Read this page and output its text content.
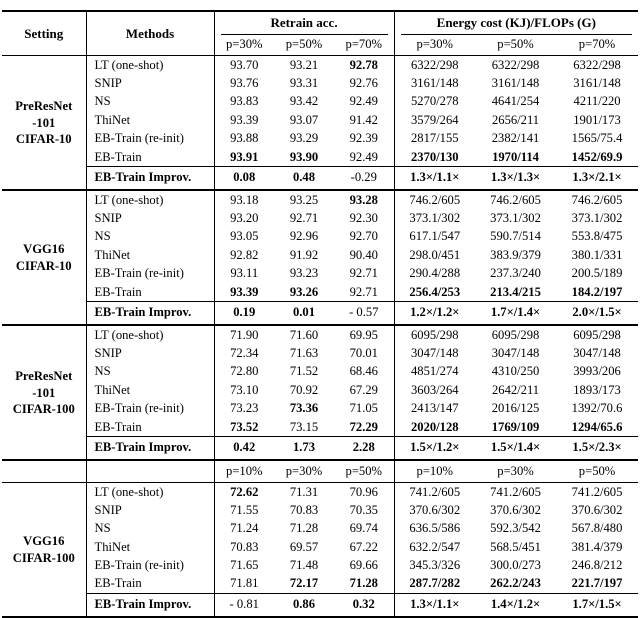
Setting	Methods	Retrain acc.			Energy cost (KJ)/FLOPs (G)		
		p=30%	p=50%	p=70%	p=30%	p=50%	p=70%
PreResNet
-101
CIFAR-10	LT (one-shot)	93.70	93.21	92.78	6322/298	6322/298	6322/298
	SNIP	93.76	93.31	92.76	3161/148	3161/148	3161/148
	NS	93.83	93.42	92.49	5270/278	4641/254	4211/220
	ThiNet	93.39	93.07	91.42	3579/264	2656/211	1901/173
	EB-Train (re-init)	93.88	93.29	92.39	2817/155	2382/141	1565/75.4
	EB-Train	93.91	93.90	92.49	2370/130	1970/114	1452/69.9
	EB-Train Improv.	0.08	0.48	-0.29	1.3×/1.1×	1.3×/1.3×	1.3×/2.1×
VGG16
CIFAR-10	LT (one-shot)	93.18	93.25	93.28	746.2/605	746.2/605	746.2/605
	SNIP	93.20	92.71	92.30	373.1/302	373.1/302	373.1/302
	NS	93.05	92.96	92.70	617.1/547	590.7/514	553.8/475
	ThiNet	92.82	91.92	90.40	298.0/451	383.9/379	380.1/331
	EB-Train (re-init)	93.11	93.23	92.71	290.4/288	237.3/240	200.5/189
	EB-Train	93.39	93.26	92.71	256.4/253	213.4/215	184.2/197
	EB-Train Improv.	0.19	0.01	- 0.57	1.2×/1.2×	1.7×/1.4×	2.0×/1.5×
PreResNet
-101
CIFAR-100	LT (one-shot)	71.90	71.60	69.95	6095/298	6095/298	6095/298
	SNIP	72.34	71.63	70.01	3047/148	3047/148	3047/148
	NS	72.80	71.52	68.46	4851/274	4310/250	3993/206
	ThiNet	73.10	70.92	67.29	3603/264	2642/211	1893/173
	EB-Train (re-init)	73.23	73.36	71.05	2413/147	2016/125	1392/70.6
	EB-Train	73.52	73.15	72.29	2020/128	1769/109	1294/65.6
	EB-Train Improv.	0.42	1.73	2.28	1.5×/1.2×	1.5×/1.4×	1.5×/2.3×
		p=10%	p=30%	p=50%	p=10%	p=30%	p=50%
VGG16
CIFAR-100	LT (one-shot)	72.62	71.31	70.96	741.2/605	741.2/605	741.2/605
	SNIP	71.55	70.83	70.35	370.6/302	370.6/302	370.6/302
	NS	71.24	71.28	69.74	636.5/586	592.3/542	567.8/480
	ThiNet	70.83	69.57	67.22	632.2/547	568.5/451	381.4/379
	EB-Train (re-init)	71.65	71.48	69.66	345.3/326	300.0/273	246.8/212
	EB-Train	71.81	72.17	71.28	287.7/282	262.2/243	221.7/197
	EB-Train Improv.	- 0.81	0.86	0.32	1.3×/1.1×	1.4×/1.2×	1.7×/1.5×
